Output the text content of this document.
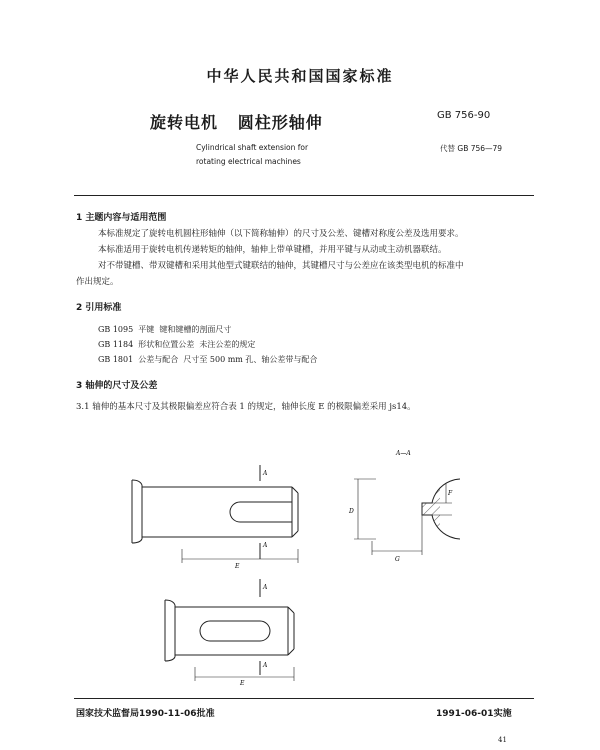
中华人民共和国国家标准
旋转电机   圆柱形轴伸	GB 756-90
Cylindrical shaft extension for
rotating electrical machines
代替 GB 756—79
1 主题内容与适用范围
本标准规定了旋转电机圆柱形轴伸（以下简称轴伸）的尺寸及公差、键槽对称度公差及选用要求。
本标准适用于旋转电机传递转矩的轴伸，轴伸上带单键槽，并用平键与从动或主动机器联结。
对不带键槽、带双键槽和采用其他型式键联结的轴伸，其键槽尺寸与公差应在该类型电机的标准中
作出规定。
2 引用标准
GB 1095  平键  键和键槽的剖面尺寸
GB 1184  形状和位置公差  未注公差的规定
GB 1801  公差与配合  尺寸至 500 mm 孔、轴公差带与配合
3 轴伸的尺寸及公差
3.1 轴伸的基本尺寸及其极限偏差应符合表 1 的规定，轴伸长度 E 的极限偏差采用 js14。
A
A
E
A—A
D
F
G
A
A
E
国家技术监督局1990-11-06批准	1991-06-01实施
41
